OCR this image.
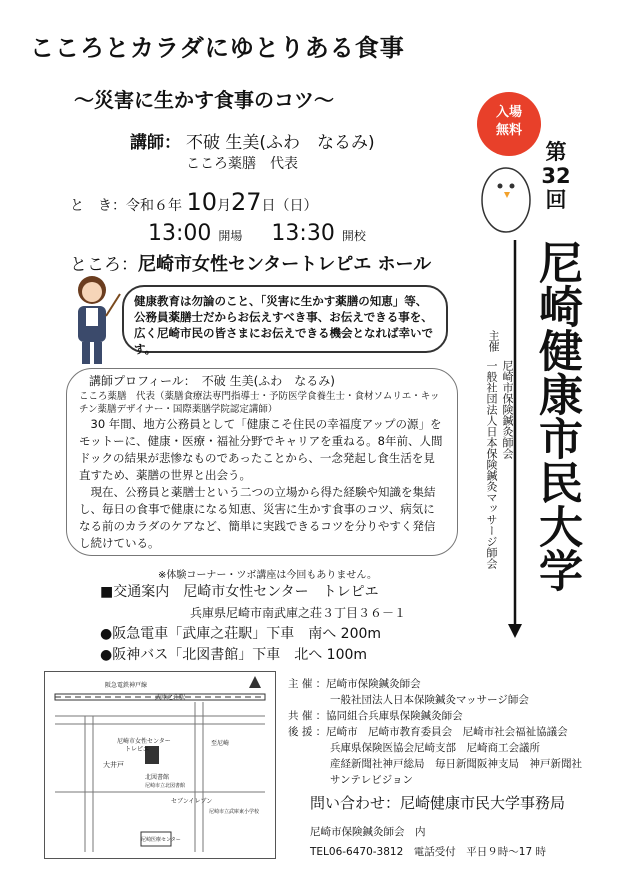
こころとカラダにゆとりある食事
～災害に生かす食事のコツ～
講師： 不破 生美(ふわ　なるみ)
こころ薬膳　代表
と　き：令和６年 10月27日（日）
13:00 開場　 13:30 開校
ところ：尼崎市女性センタートレピエ ホール
健康教育は勿論のこと、「災害に生かす薬膳の知恵」等、公務員薬膳士だからお伝えすべき事、お伝えできる事を、広く尼崎市民の皆さまにお伝えできる機会となれば幸いです。
講師プロフィール：　不破 生美(ふわ　なるみ)
こころ薬膳　代表（薬膳食療法専門指導士・予防医学食養生士・食材ソムリエ・キッチン薬膳デザイナー・国際薬膳学院認定講師）
30 年間、地方公務員として「健康こそ住民の幸福度アップの源」をモットーに、健康・医療・福祉分野でキャリアを重ねる。8年前、人間ドックの結果が悲惨なものであったことから、一念発起し食生活を見直すため、薬膳の世界と出会う。
現在、公務員と薬膳士という二つの立場から得た経験や知識を集結し、毎日の食事で健康になる知恵、災害に生かす食事のコツ、病気になる前のカラダのケアなど、簡単に実践できるコツを分りやすく発信し続けている。
※体験コーナー・ツボ講座は今回もありません。
■交通案内　尼崎市女性センター　トレピエ
兵庫県尼崎市南武庫之荘３丁目３６－１
●阪急電車「武庫之荘駅」下車　南へ 200m
●阪神バス「北図書館」下車　北へ 100m
阪急電鉄神戸線
武庫之荘駅
尼崎市女性センター
トレピエ
大井戸
北図書館
尼崎市立北図書館
至尼崎
セブンイレブン
尼崎市立武庫東小学校
尼崎医療センター
主 催 ：尼崎市保険鍼灸師会
　　　　一般社団法人日本保険鍼灸マッサージ師会
共 催 ：協同組合兵庫県保険鍼灸師会
後 援 ：尼崎市　尼崎市教育委員会　尼崎市社会福祉協議会
　　　　兵庫県保険医協会尼崎支部　尼崎商工会議所
　　　　産経新聞社神戸総局　毎日新聞阪神支局　神戸新聞社
　　　　サンテレビジョン
問い合わせ：尼崎健康市民大学事務局
尼崎市保険鍼灸師会　内
TEL06-6470-3812　電話受付　平日９時～17 時
入場
無料
第32回
尼崎健康市民大学
主催
尼崎市保険鍼灸師会
一般社団法人日本保険鍼灸マッサージ師会
